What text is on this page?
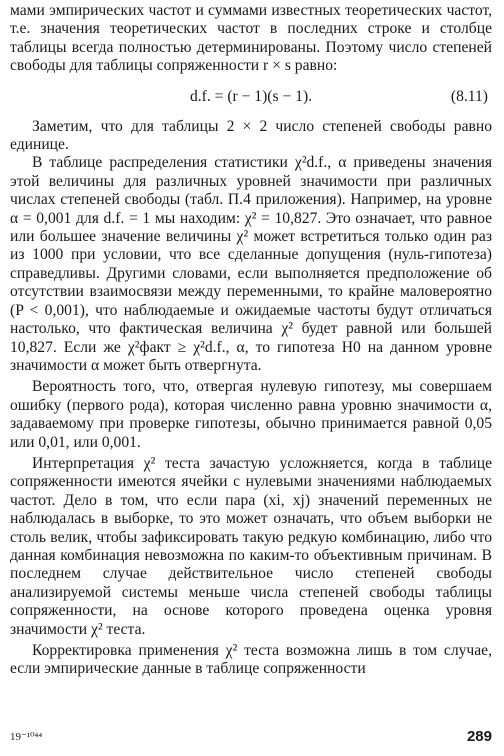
мами эмпирических частот и суммами известных теоретических частот, т.е. значения теоретических частот в последних строке и столбце таблицы всегда полностью детерминированы. Поэтому число степеней свободы для таблицы сопряженности r × s равно:

d.f. = (r − 1)(s − 1).	(8.11)

Заметим, что для таблицы 2 × 2 число степеней свободы равно единице.

В таблице распределения статистики χ²d.f., α приведены значения этой величины для различных уровней значимости при различных числах степеней свободы (табл. П.4 приложения). Например, на уровне α = 0,001 для d.f. = 1 мы находим: χ² = 10,827. Это означает, что равное или большее значение величины χ² может встретиться только один раз из 1000 при условии, что все сделанные допущения (нуль-гипотеза) справедливы. Другими словами, если выполняется предположение об отсутствии взаимосвязи между переменными, то крайне маловероятно (P < 0,001), что наблюдаемые и ожидаемые частоты будут отличаться настолько, что фактическая величина χ² будет равной или большей 10,827. Если же χ²факт ≥ χ²d.f., α, то гипотеза H0 на данном уровне значимости α может быть отвергнута.

Вероятность того, что, отвергая нулевую гипотезу, мы совершаем ошибку (первого рода), которая численно равна уровню значимости α, задаваемому при проверке гипотезы, обычно принимается равной 0,05 или 0,01, или 0,001.

Интерпретация χ² теста зачастую усложняется, когда в таблице сопряженности имеются ячейки с нулевыми значениями наблюдаемых частот. Дело в том, что если пара (xi, xj) значений переменных не наблюдалась в выборке, то это может означать, что объем выборки не столь велик, чтобы зафиксировать такую редкую комбинацию, либо что данная комбинация невозможна по каким-то объективным причинам. В последнем случае действительное число степеней свободы анализируемой системы меньше числа степеней свободы таблицы сопряженности, на основе которого проведена оценка уровня значимости χ² теста.

Корректировка применения χ² теста возможна лишь в том случае, если эмпирические данные в таблице сопряженности

19⁻¹⁰⁴⁴	289
